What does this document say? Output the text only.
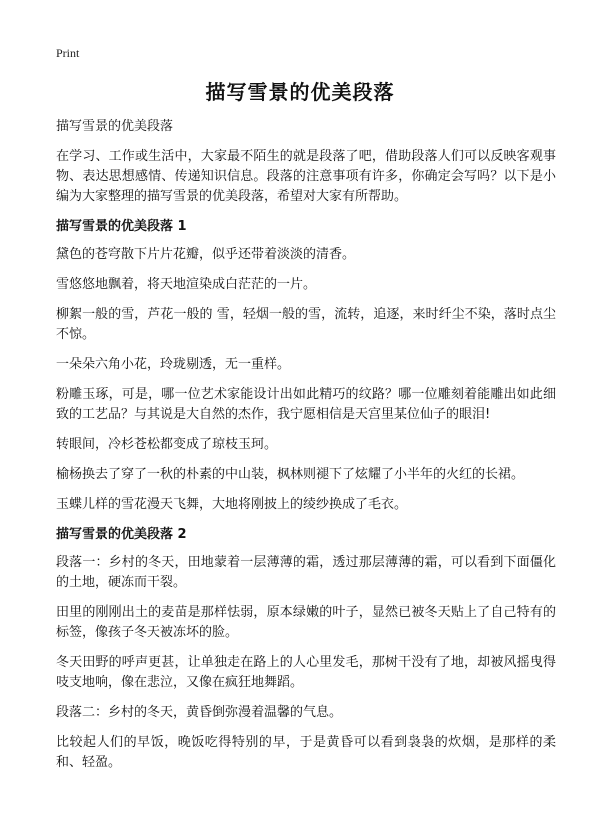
Print
描写雪景的优美段落

描写雪景的优美段落

在学习、工作或生活中，大家最不陌生的就是段落了吧，借助段落人们可以反映客观事物、表达思想感情、传递知识信息。段落的注意事项有许多，你确定会写吗？以下是小编为大家整理的描写雪景的优美段落，希望对大家有所帮助。

描写雪景的优美段落 1

黛色的苍穹散下片片花瓣，似乎还带着淡淡的清香。

雪悠悠地飘着，将天地渲染成白茫茫的一片。

柳絮一般的雪，芦花一般的 雪，轻烟一般的雪，流转，追逐，来时纤尘不染，落时点尘不惊。

一朵朵六角小花，玲珑剔透，无一重样。

粉雕玉琢，可是，哪一位艺术家能设计出如此精巧的纹路？哪一位雕刻着能雕出如此细致的工艺品？与其说是大自然的杰作，我宁愿相信是天宫里某位仙子的眼泪!

转眼间，冷杉苍松都变成了琼枝玉珂。

榆杨换去了穿了一秋的朴素的中山装，枫林则褪下了炫耀了小半年的火红的长裙。

玉蝶儿样的雪花漫天飞舞，大地将刚披上的绫纱换成了毛衣。

描写雪景的优美段落 2

段落一：乡村的冬天，田地蒙着一层薄薄的霜，透过那层薄薄的霜，可以看到下面僵化的土地，硬冻而干裂。

田里的刚刚出土的麦苗是那样怯弱，原本绿嫩的叶子，显然已被冬天贴上了自己特有的标签，像孩子冬天被冻坏的脸。

冬天田野的呼声更甚，让单独走在路上的人心里发毛，那树干没有了地，却被风摇曳得吱支地响，像在悲泣，又像在疯狂地舞蹈。

段落二：乡村的冬天，黄昏倒弥漫着温馨的气息。

比较起人们的早饭，晚饭吃得特别的早，于是黄昏可以看到袅袅的炊烟，是那样的柔和、轻盈。
